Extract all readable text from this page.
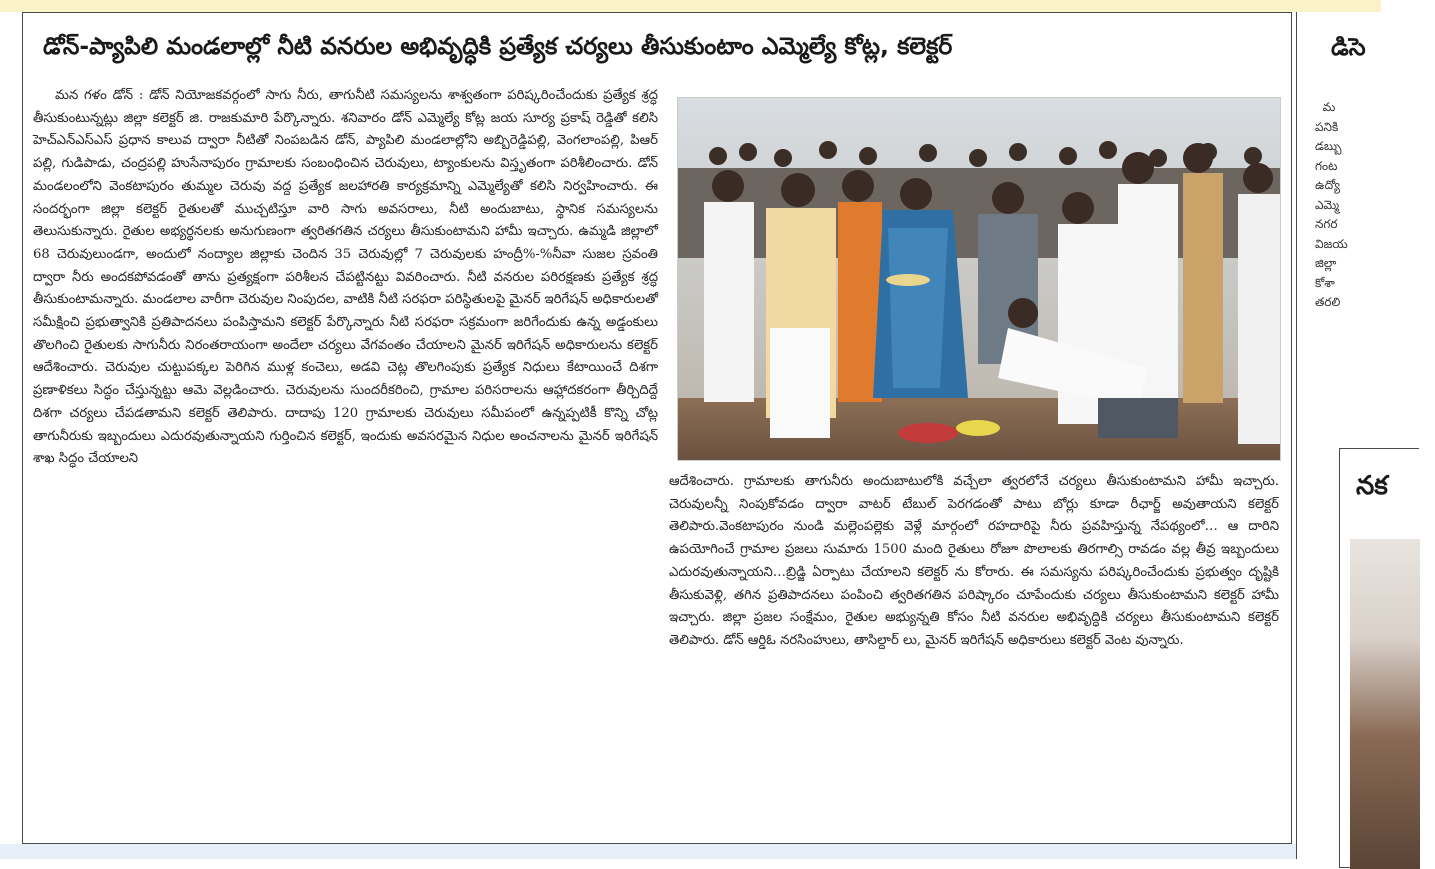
డోన్-ప్యాపిలి మండలాల్లో నీటి వనరుల అభివృద్ధికి ప్రత్యేక చర్యలు తీసుకుంటాం ఎమ్మెల్యే కోట్ల, కలెక్టర్

మన గళం డోన్ : డోన్ నియోజకవర్గంలో సాగు నీరు, తాగునీటి సమస్యలను శాశ్వతంగా పరిష్కరించేందుకు ప్రత్యేక శ్రద్ధ తీసుకుంటున్నట్లు జిల్లా కలెక్టర్ జి. రాజకుమారి పేర్కొన్నారు. శనివారం డోన్ ఎమ్మెల్యే కోట్ల జయ సూర్య ప్రకాష్ రెడ్డితో కలిసి హెచ్ఎన్ఎస్ఎస్ ప్రధాన కాలువ ద్వారా నీటితో నింపబడిన డోన్, ప్యాపిలి మండలాల్లోని అబ్బిరెడ్డిపల్లి, వెంగలాంపల్లి, పిఆర్ పల్లి, గుడిపాడు, చంద్రపల్లి హుసేనాపురం గ్రామాలకు సంబంధించిన చెరువులు, ట్యాంకులను విస్తృతంగా పరిశీలించారు. డోన్ మండలంలోని వెంకటాపురం తుమ్మల చెరువు వద్ద ప్రత్యేక జలహారతి కార్యక్రమాన్ని ఎమ్మెల్యేతో కలిసి నిర్వహించారు. ఈ సందర్భంగా జిల్లా కలెక్టర్ రైతులతో ముచ్చటిస్తూ వారి సాగు అవసరాలు, నీటి అందుబాటు, స్థానిక సమస్యలను తెలుసుకున్నారు. రైతుల అభ్యర్థనలకు అనుగుణంగా త్వరితగతిన చర్యలు తీసుకుంటామని హామీ ఇచ్చారు. ఉమ్మడి జిల్లాలో 68 చెరువులుండగా, అందులో నంద్యాల జిల్లాకు చెందిన 35 చెరువుల్లో 7 చెరువులకు హంద్రీ%-%నీవా సుజల స్రవంతి ద్వారా నీరు అందకపోవడంతో తాను ప్రత్యక్షంగా పరిశీలన చేపట్టినట్టు వివరించారు. నీటి వనరుల పరిరక్షణకు ప్రత్యేక శ్రద్ధ తీసుకుంటామన్నారు. మండలాల వారీగా చెరువుల నింపుదల, వాటికి నీటి సరఫరా పరిస్థితులపై మైనర్ ఇరిగేషన్ అధికారులతో సమీక్షించి ప్రభుత్వానికి ప్రతిపాదనలు పంపిస్తామని కలెక్టర్ పేర్కొన్నారు నీటి సరఫరా సక్రమంగా జరిగేందుకు ఉన్న అడ్డంకులు తొలగించి రైతులకు సాగునీరు నిరంతరాయంగా అందేలా చర్యలు వేగవంతం చేయాలని మైనర్ ఇరిగేషన్ అధికారులను కలెక్టర్ ఆదేశించారు. చెరువుల చుట్టుపక్కల పెరిగిన ముళ్ల కంచెలు, అడవి చెట్ల తొలగింపుకు ప్రత్యేక నిధులు కేటాయించే దిశగా ప్రణాళికలు సిద్ధం చేస్తున్నట్టు ఆమె వెల్లడించారు. చెరువులను సుందరీకరించి, గ్రామాల పరిసరాలను ఆహ్లాదకరంగా తీర్చిదిద్దే దిశగా చర్యలు చేపడతామని కలెక్టర్ తెలిపారు. దాదాపు 120 గ్రామాలకు చెరువులు సమీపంలో ఉన్నప్పటికీ కొన్ని చోట్ల తాగునీరుకు ఇబ్బందులు ఎదురవుతున్నాయని గుర్తించిన కలెక్టర్, ఇందుకు అవసరమైన నిధుల అంచనాలను మైనర్ ఇరిగేషన్ శాఖ సిద్ధం చేయాలని

ఆదేశించారు. గ్రామాలకు తాగునీరు అందుబాటులోకి వచ్చేలా త్వరలోనే చర్యలు తీసుకుంటామని హామీ ఇచ్చారు. చెరువులన్నీ నింపుకోవడం ద్వారా వాటర్ టేబుల్ పెరగడంతో పాటు బోర్లు కూడా రీఛార్జ్ అవుతాయని కలెక్టర్ తెలిపారు.వెంకటాపురం నుండి మల్లెంపల్లెకు వెళ్లే మార్గంలో రహదారిపై నీరు ప్రవహిస్తున్న నేపథ్యంలో… ఆ దారిని ఉపయోగించే గ్రామాల ప్రజలు సుమారు 1500 మంది రైతులు రోజూ పొలాలకు తిరగాల్సి రావడం వల్ల తీవ్ర ఇబ్బందులు ఎదురవుతున్నాయని…బ్రిడ్జి ఏర్పాటు చేయాలని కలెక్టర్ ను కోరారు. ఈ సమస్యను పరిష్కరించేందుకు ప్రభుత్వం దృష్టికి తీసుకువెళ్లి, తగిన ప్రతిపాదనలు పంపించి త్వరితగతిన పరిష్కారం చూపేందుకు చర్యలు తీసుకుంటామని కలెక్టర్ హామీ ఇచ్చారు. జిల్లా ప్రజల సంక్షేమం, రైతుల అభ్యున్నతి కోసం నీటి వనరుల అభివృద్ధికి చర్యలు తీసుకుంటామని కలెక్టర్ తెలిపారు. డోన్ ఆర్డిఓ నరసింహులు, తాసిల్దార్ లు, మైనర్ ఇరిగేషన్ అధికారులు కలెక్టర్ వెంట వున్నారు.

డిసె
మ
పనికి
డబ్బు
గంట
ఉద్యో
ఎమ్మె
నగర
విజయ
జిల్లా
కోశా
తరలి
నక
